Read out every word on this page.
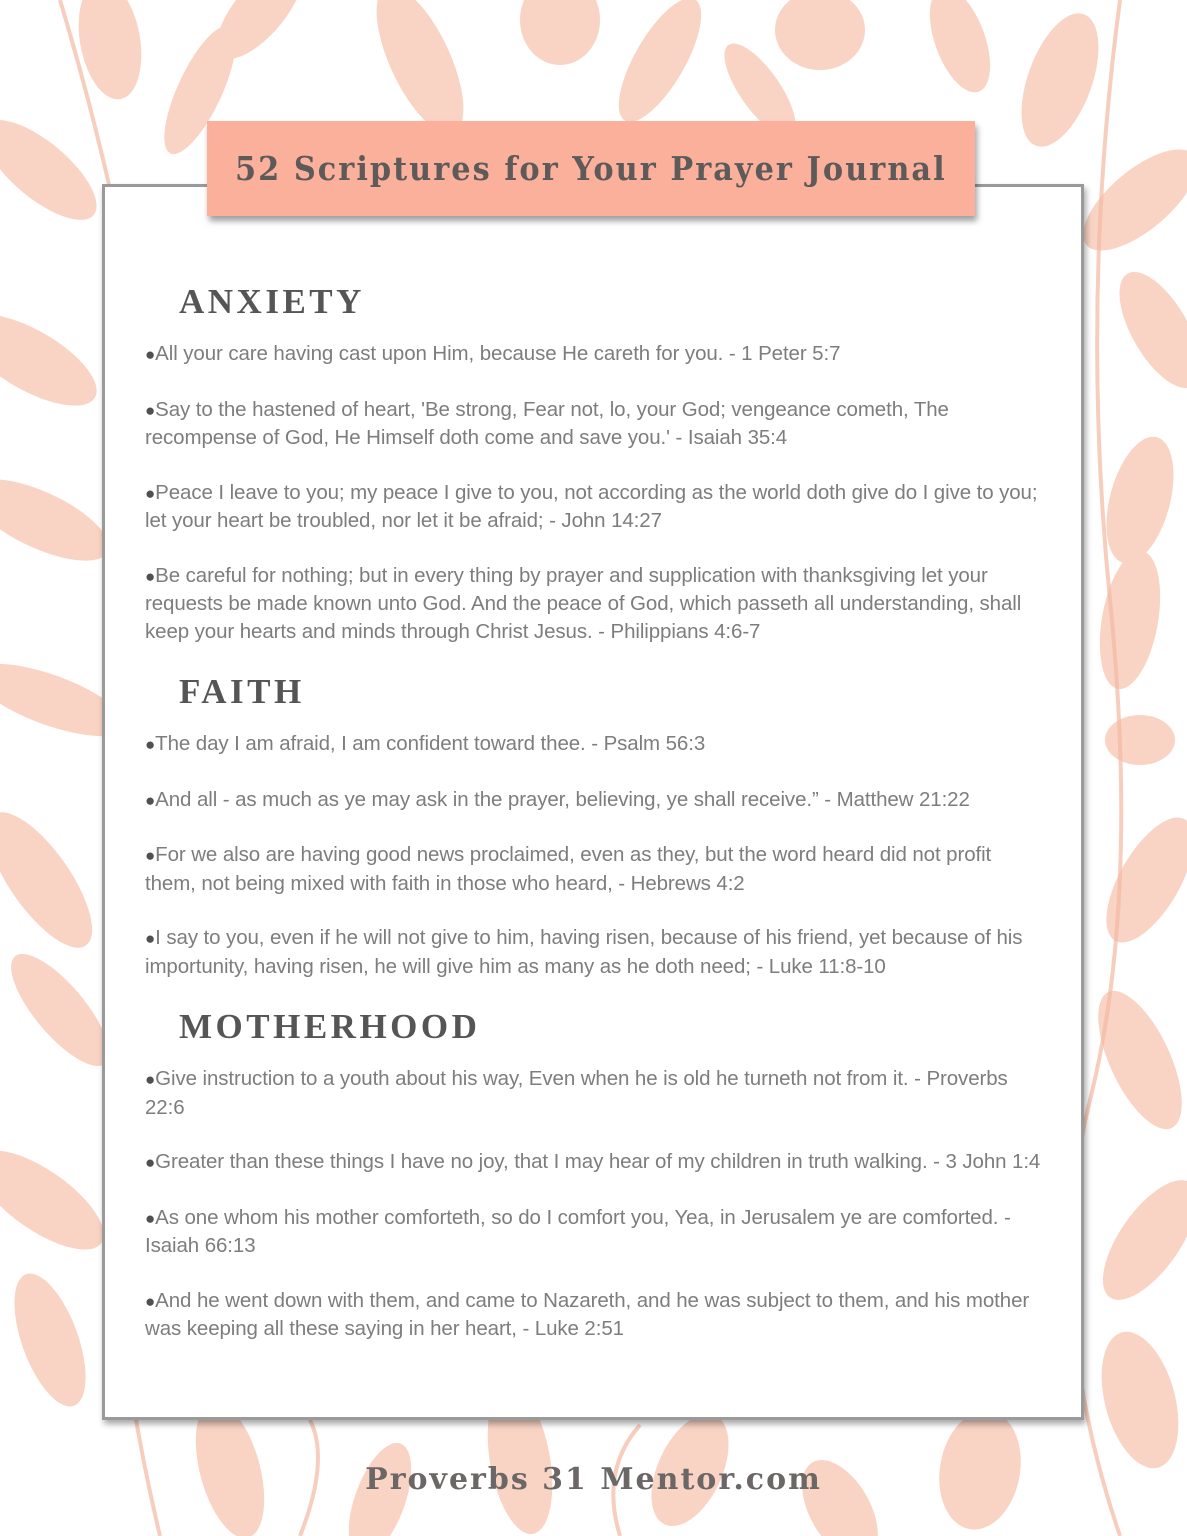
ANXIETY

●All your care having cast upon Him, because He careth for you. - 1 Peter 5:7

●Say to the hastened of heart, 'Be strong, Fear not, lo, your God; vengeance cometh, The recompense of God, He Himself doth come and save you.' - Isaiah 35:4

●Peace I leave to you; my peace I give to you, not according as the world doth give do I give to you; let your heart be troubled, nor let it be afraid; - John 14:27

●Be careful for nothing; but in every thing by prayer and supplication with thanksgiving let your requests be made known unto God. And the peace of God, which passeth all understanding, shall keep your hearts and minds through Christ Jesus. - Philippians 4:6-7

FAITH

●The day I am afraid, I am confident toward thee. - Psalm 56:3

●And all - as much as ye may ask in the prayer, believing, ye shall receive.” - Matthew 21:22

●For we also are having good news proclaimed, even as they, but the word heard did not profit them, not being mixed with faith in those who heard, - Hebrews 4:2

●I say to you, even if he will not give to him, having risen, because of his friend, yet because of his importunity, having risen, he will give him as many as he doth need; - Luke 11:8-10

MOTHERHOOD

●Give instruction to a youth about his way, Even when he is old he turneth not from it. - Proverbs 22:6

●Greater than these things I have no joy, that I may hear of my children in truth walking. - 3 John 1:4

●As one whom his mother comforteth, so do I comfort you, Yea, in Jerusalem ye are comforted. - Isaiah 66:13

●And he went down with them, and came to Nazareth, and he was subject to them, and his mother was keeping all these saying in her heart, - Luke 2:51

52 Scriptures for Your Prayer Journal
Proverbs 31 Mentor.com
